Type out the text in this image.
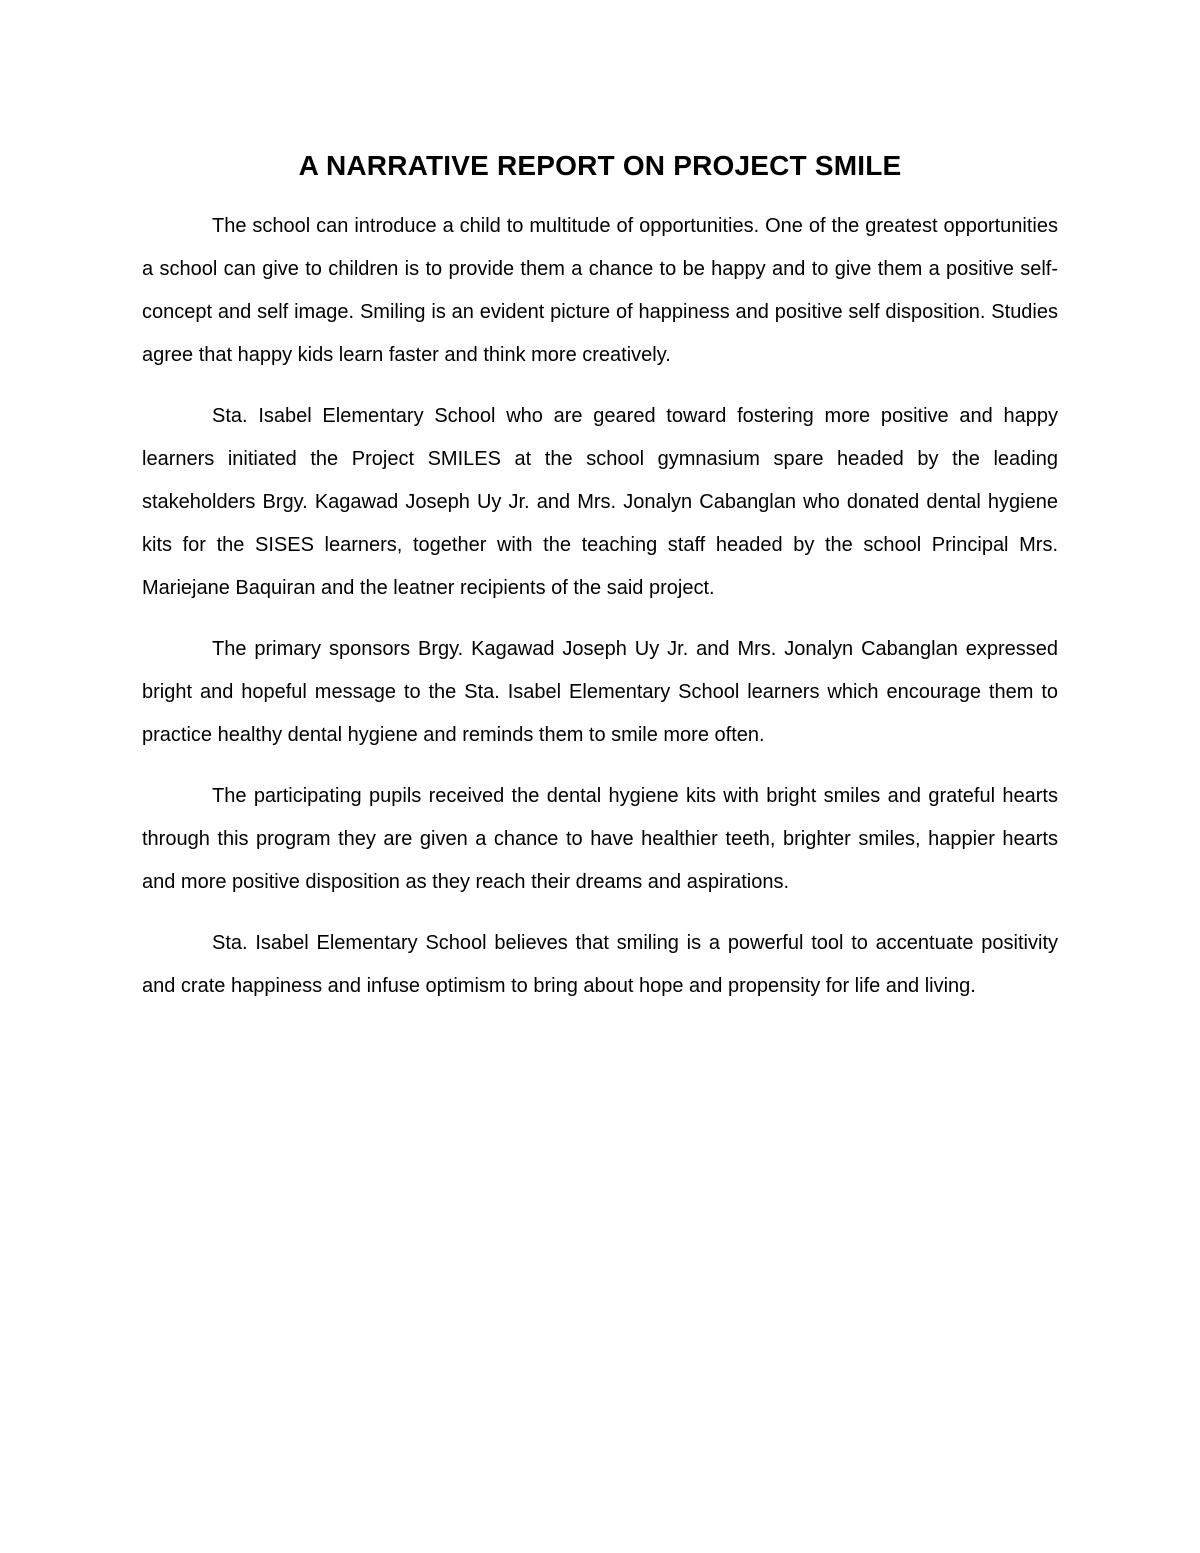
A NARRATIVE REPORT ON PROJECT SMILE

The school can introduce a child to multitude of opportunities. One of the greatest opportunities a school can give to children is to provide them a chance to be happy and to give them a positive self-concept and self image. Smiling is an evident picture of happiness and positive self disposition. Studies agree that happy kids learn faster and think more creatively.

Sta. Isabel Elementary School who are geared toward fostering more positive and happy learners initiated the Project SMILES at the school gymnasium spare headed by the leading stakeholders Brgy. Kagawad Joseph Uy Jr. and Mrs. Jonalyn Cabanglan who donated dental hygiene kits for the SISES learners, together with the teaching staff headed by the school Principal Mrs. Mariejane Baquiran and the leatner recipients of the said project.

The primary sponsors Brgy. Kagawad Joseph Uy Jr. and Mrs. Jonalyn Cabanglan expressed bright and hopeful message to the Sta. Isabel Elementary School learners which encourage them to practice healthy dental hygiene and reminds them to smile more often.

The participating pupils received the dental hygiene kits with bright smiles and grateful hearts through this program they are given a chance to have healthier teeth, brighter smiles, happier hearts and more positive disposition as they reach their dreams and aspirations.

Sta. Isabel Elementary School believes that smiling is a powerful tool to accentuate positivity and crate happiness and infuse optimism to bring about hope and propensity for life and living.
